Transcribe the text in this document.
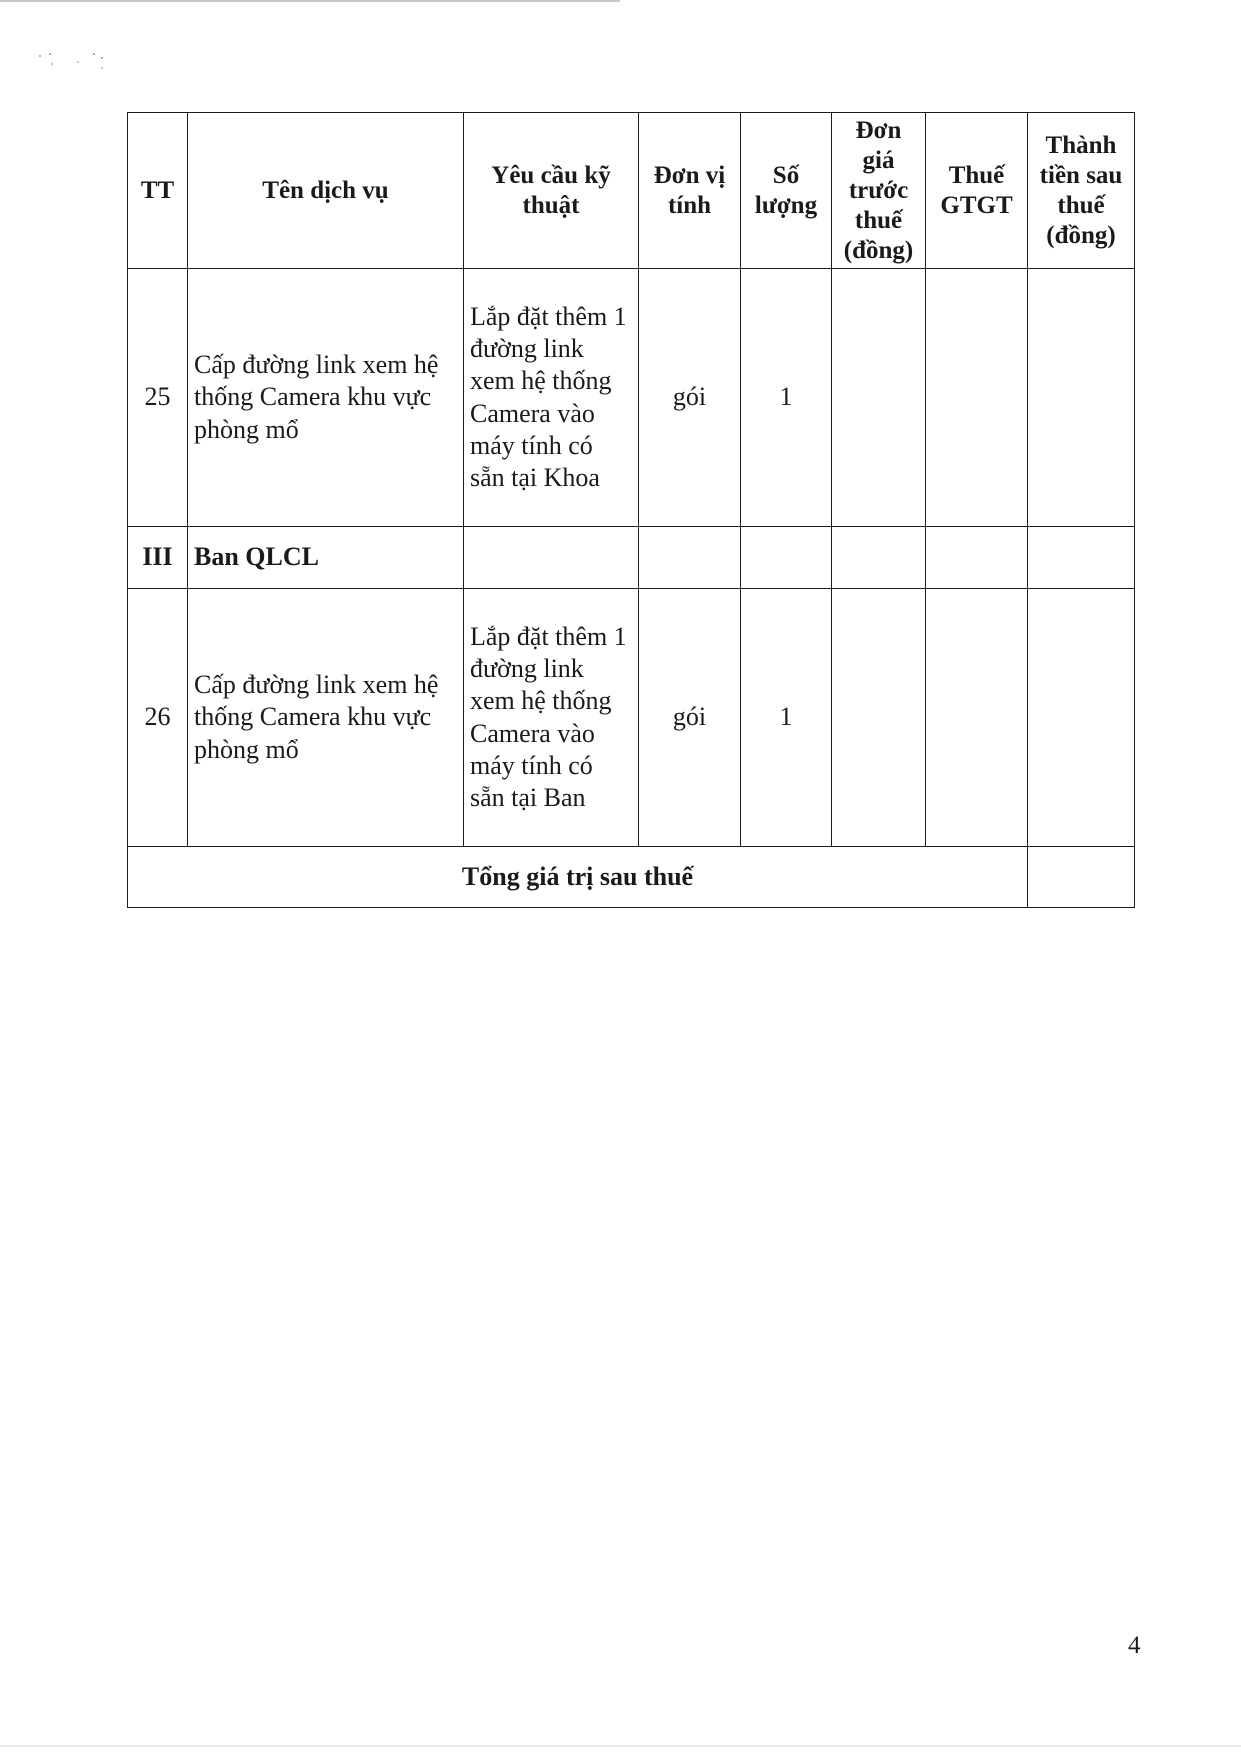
TT	Tên dịch vụ	Yêu cầu kỹ thuật	Đơn vị tính	Số lượng	Đơn giá trước thuế (đồng)	Thuế GTGT	Thành tiền sau thuế (đồng)
25	Cấp đường link xem hệ thống Camera khu vực phòng mổ	Lắp đặt thêm 1 đường link xem hệ thống Camera vào máy tính có sẵn tại Khoa	gói	1			
III	Ban QLCL						
26	Cấp đường link xem hệ thống Camera khu vực phòng mổ	Lắp đặt thêm 1 đường link xem hệ thống Camera vào máy tính có sẵn tại Ban	gói	1			
Tổng giá trị sau thuế							
4
